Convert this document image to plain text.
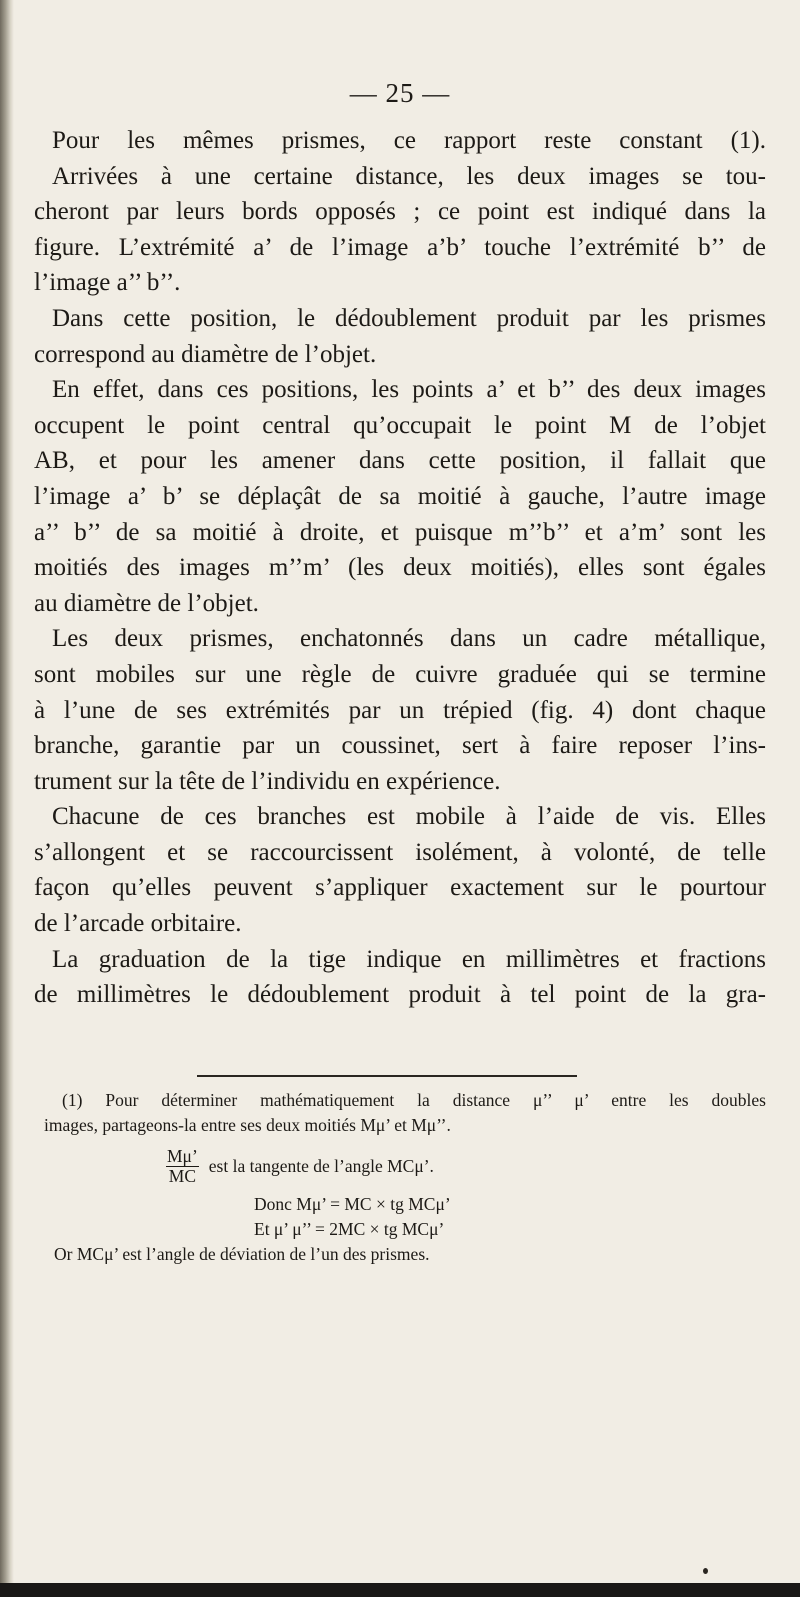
— 25 —
Pour les mêmes prismes, ce rapport reste constant (1).
Arrivées à une certaine distance, les deux images se tou-
cheront par leurs bords opposés ; ce point est indiqué dans la
figure. L’extrémité a’ de l’image a’b’ touche l’extrémité b’’ de
l’image a’’ b’’.
Dans cette position, le dédoublement produit par les prismes
correspond au diamètre de l’objet.
En effet, dans ces positions, les points a’ et b’’ des deux images
occupent le point central qu’occupait le point M de l’objet
AB, et pour les amener dans cette position, il fallait que
l’image a’ b’ se déplaçât de sa moitié à gauche, l’autre image
a’’ b’’ de sa moitié à droite, et puisque m’’b’’ et a’m’ sont les
moitiés des images m’’m’ (les deux moitiés), elles sont égales
au diamètre de l’objet.
Les deux prismes, enchatonnés dans un cadre métallique,
sont mobiles sur une règle de cuivre graduée qui se termine
à l’une de ses extrémités par un trépied (fig. 4) dont chaque
branche, garantie par un coussinet, sert à faire reposer l’ins-
trument sur la tête de l’individu en expérience.
Chacune de ces branches est mobile à l’aide de vis. Elles
s’allongent et se raccourcissent isolément, à volonté, de telle
façon qu’elles peuvent s’appliquer exactement sur le pourtour
de l’arcade orbitaire.
La graduation de la tige indique en millimètres et fractions
de millimètres le dédoublement produit à tel point de la gra-
(1) Pour déterminer mathématiquement la distance μ’’ μ’ entre les doubles
images, partageons-la entre ses deux moitiés Mμ’ et Mμ’’.
$\frac{M\mu’}{MC}$ est la tangente de l’angle MCμ’.
Donc Mμ’ = MC × tg MCμ’
Et μ’ μ’’ = 2MC × tg MCμ’
Or MCμ’ est l’angle de déviation de l’un des prismes.
